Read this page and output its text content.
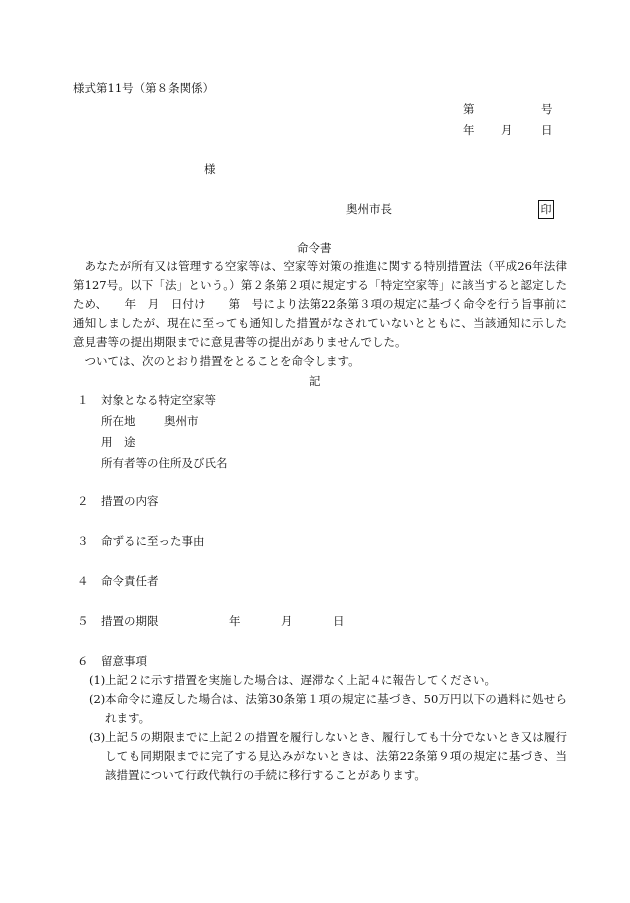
様式第11号（第８条関係）
第	号
年 月 日
様
奥州市長	印
命令書

あなたが所有又は管理する空家等は、空家等対策の推進に関する特別措置法（平成26年法律第127号。以下「法」という。）第２条第２項に規定する「特定空家等」に該当すると認定したため、　　年　月　日付け　　第　号により法第22条第３項の規定に基づく命令を行う旨事前に通知しましたが、現在に至っても通知した措置がなされていないとともに、当該通知に示した意見書等の提出期限までに意見書等の提出がありませんでした。

ついては、次のとおり措置をとることを命令します。

記
１ 対象となる特定空家等
所在地 奥州市
用　途
所有者等の住所及び氏名
２ 措置の内容
３ 命ずるに至った事由
４ 命令責任者
５ 措置の期限	年	月	日
６ 留意事項
(1) 上記２に示す措置を実施した場合は、遅滞なく上記４に報告してください。
(2) 本命令に違反した場合は、法第30条第１項の規定に基づき、50万円以下の過料に処せられます。
(3) 上記５の期限までに上記２の措置を履行しないとき、履行しても十分でないとき又は履行しても同期限までに完了する見込みがないときは、法第22条第９項の規定に基づき、当該措置について行政代執行の手続に移行することがあります。
